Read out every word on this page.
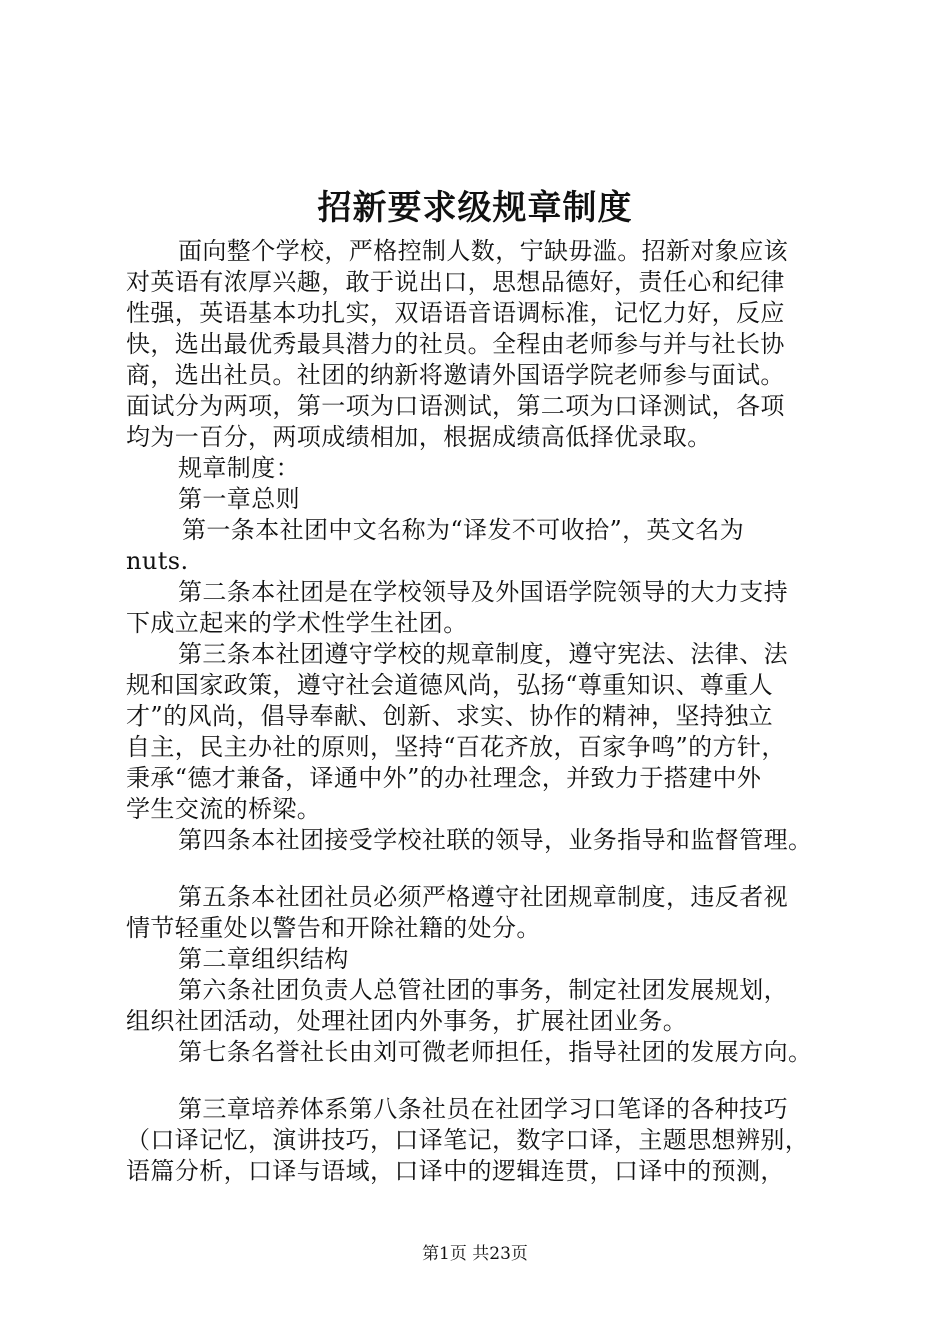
招新要求级规章制度
面向整个学校，严格控制人数，宁缺毋滥。招新对象应该
对英语有浓厚兴趣，敢于说出口，思想品德好，责任心和纪律
性强，英语基本功扎实，双语语音语调标准，记忆力好，反应
快，选出最优秀最具潜力的社员。全程由老师参与并与社长协
商，选出社员。社团的纳新将邀请外国语学院老师参与面试。
面试分为两项，第一项为口语测试，第二项为口译测试，各项
均为一百分，两项成绩相加，根据成绩高低择优录取。
规章制度：
第一章总则
第一条本社团中文名称为“译发不可收拾”，英文名为
nuts.
第二条本社团是在学校领导及外国语学院领导的大力支持
下成立起来的学术性学生社团。
第三条本社团遵守学校的规章制度，遵守宪法、法律、法
规和国家政策，遵守社会道德风尚，弘扬“尊重知识、尊重人
才”的风尚，倡导奉献、创新、求实、协作的精神，坚持独立
自主，民主办社的原则，坚持“百花齐放，百家争鸣”的方针，
秉承“德才兼备，译通中外”的办社理念，并致力于搭建中外
学生交流的桥梁。
第四条本社团接受学校社联的领导，业务指导和监督管理。
第五条本社团社员必须严格遵守社团规章制度，违反者视
情节轻重处以警告和开除社籍的处分。
第二章组织结构
第六条社团负责人总管社团的事务，制定社团发展规划，
组织社团活动，处理社团内外事务，扩展社团业务。
第七条名誉社长由刘可微老师担任，指导社团的发展方向。
第三章培养体系第八条社员在社团学习口笔译的各种技巧
（口译记忆，演讲技巧，口译笔记，数字口译，主题思想辨别，
语篇分析，口译与语域，口译中的逻辑连贯，口译中的预测，
第1页 共23页
